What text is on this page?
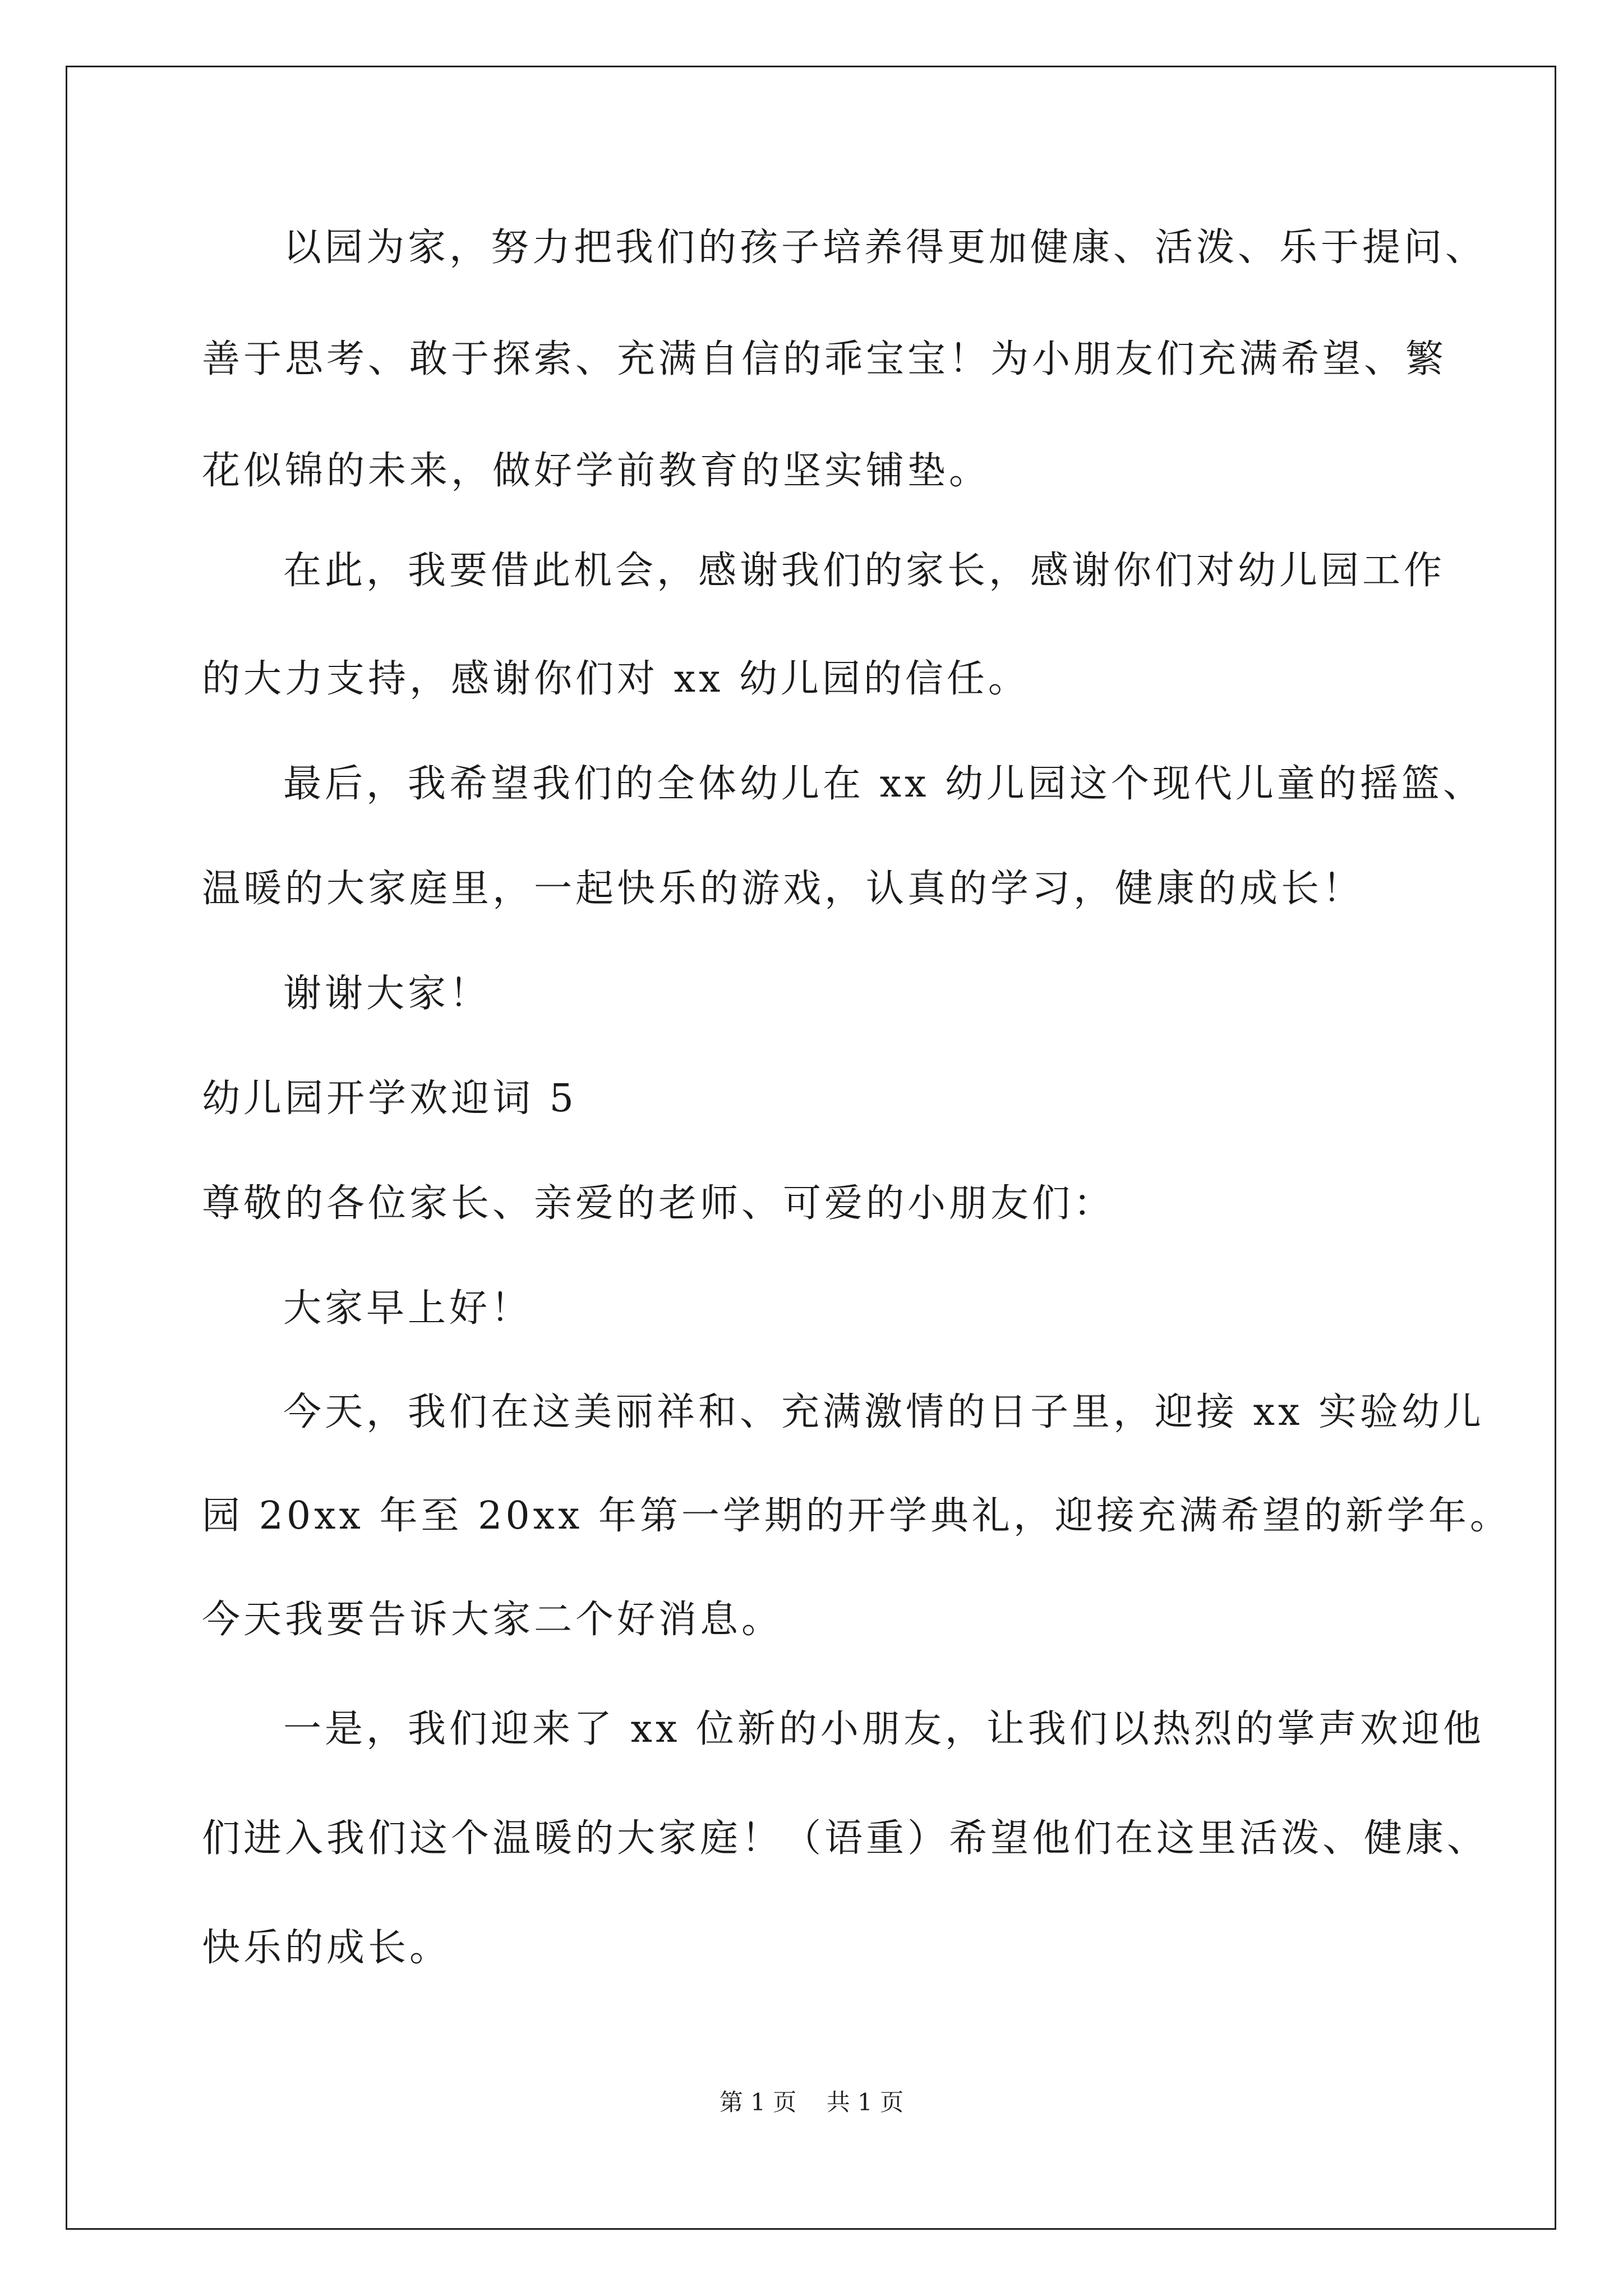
以园为家，努力把我们的孩子培养得更加健康、活泼、乐于提问、
善于思考、敢于探索、充满自信的乖宝宝！为小朋友们充满希望、繁
花似锦的未来，做好学前教育的坚实铺垫。
在此，我要借此机会，感谢我们的家长，感谢你们对幼儿园工作
的大力支持，感谢你们对 xx 幼儿园的信任。
最后，我希望我们的全体幼儿在 xx 幼儿园这个现代儿童的摇篮、
温暖的大家庭里，一起快乐的游戏，认真的学习，健康的成长！
谢谢大家！
幼儿园开学欢迎词 5
尊敬的各位家长、亲爱的老师、可爱的小朋友们：
大家早上好！
今天，我们在这美丽祥和、充满激情的日子里，迎接 xx 实验幼儿
园 20xx 年至 20xx 年第一学期的开学典礼，迎接充满希望的新学年。
今天我要告诉大家二个好消息。
一是，我们迎来了 xx 位新的小朋友，让我们以热烈的掌声欢迎他
们进入我们这个温暖的大家庭！（语重）希望他们在这里活泼、健康、
快乐的成长。
第 1 页    共 1 页
